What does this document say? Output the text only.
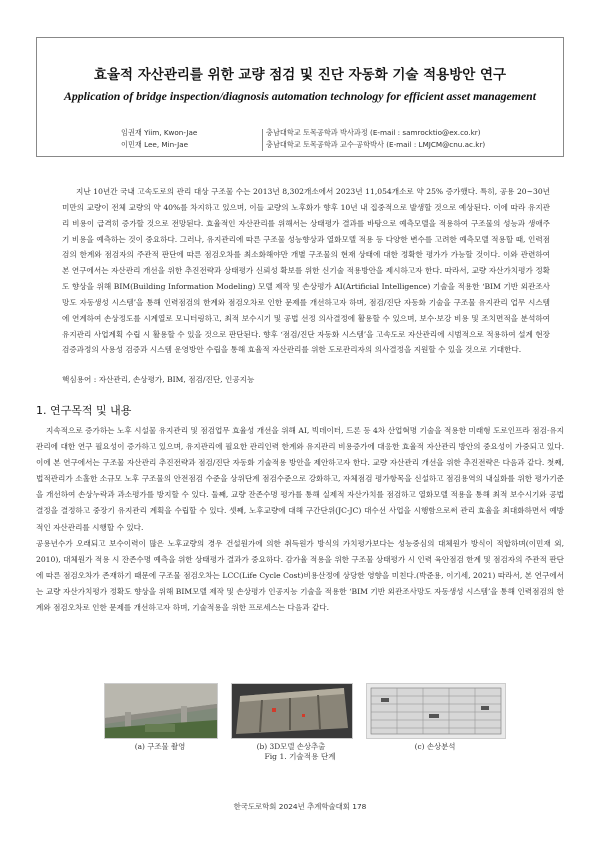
효율적 자산관리를 위한 교량 점검 및 진단 자동화 기술 적용방안 연구
Application of bridge inspection/diagnosis automation technology for efficient asset management
임권재 Yiim, Kwon-Jae	충남대학교 토목공학과 박사과정 (E-mail : samrocktio@ex.co.kr)
이민재 Lee, Min-Jae	충남대학교 토목공학과 교수·공학박사 (E-mail : LMJCM@cnu.ac.kr)

지난 10년간 국내 고속도로의 관리 대상 구조물 수는 2013년 8,302개소에서 2023년 11,054개소로 약 25% 증가했다. 특히, 공용 20~30년 미만의 교량이 전체 교량의 약 40%를 차지하고 있으며, 이들 교량의 노후화가 향후 10년 내 집중적으로 발생할 것으로 예상된다. 이에 따라 유지관리 비용이 급격히 증가할 것으로 전망된다. 효율적인 자산관리를 위해서는 상태평가 결과를 바탕으로 예측모델을 적용하여 구조물의 성능과 생애주기 비용을 예측하는 것이 중요하다. 그러나, 유지관리에 따른 구조물 성능향상과 열화모델 적용 등 다양한 변수를 고려한 예측모델 적용할 때, 인력점검의 한계와 점검자의 주관적 판단에 따른 점검오차를 최소화해야만 개별 구조물의 현재 상태에 대한 정확한 평가가 가능할 것이다. 이와 관련하여 본 연구에서는 자산관리 개선을 위한 추진전략과 상태평가 신뢰성 확보를 위한 신기술 적용방안을 제시하고자 한다. 따라서, 교량 자산가치평가 정확도 향상을 위해 BIM(Building Information Modeling) 모델 제작 및 손상평가 AI(Artificial Intelligence) 기술을 적용한 ‘BIM 기반 외관조사망도 자동생성 시스템’을 통해 인력점검의 한계와 점검오차로 인한 문제를 개선하고자 하며, 점검/진단 자동화 기술을 구조물 유지관리 업무 시스템에 연계하여 손상정도를 시계열로 모니터링하고, 최적 보수시기 및 공법 선정 의사결정에 활용할 수 있으며, 보수·보강 비용 및 조치면적을 분석하여 유지관리 사업계획 수립 시 활용할 수 있을 것으로 판단된다. 향후 ‘점검/진단 자동화 시스템’을 고속도로 자산관리에 시범적으로 적용하여 설계 현장 검증과정의 사용성 검증과 시스템 운영방안 수립을 통해 효율적 자산관리를 위한 도로관리자의 의사결정을 지원할 수 있을 것으로 기대한다.

핵심용어 : 자산관리, 손상평가, BIM, 점검/진단, 인공지능
1. 연구목적 및 내용

지속적으로 증가하는 노후 시설물 유지관리 및 점검업무 효율성 개선을 위해 AI, 빅데이터, 드론 등 4차 산업혁명 기술을 적용한 미래형 도로인프라 점검·유지관리에 대한 연구 필요성이 증가하고 있으며, 유지관리에 필요한 관리인력 한계와 유지관리 비용증가에 대응한 효율적 자산관리 방안의 중요성이 가중되고 있다. 이에 본 연구에서는 구조물 자산관리 추진전략과 점검/진단 자동화 기술적용 방안을 제안하고자 한다. 교량 자산관리 개선을 위한 추진전략은 다음과 같다. 첫째, 법적관리가 소홀한 소규모 노후 구조물의 안전점검 수준을 상위단계 점검수준으로 강화하고, 자체점검 평가항목을 신설하고 점검용역의 내실화를 위한 평가기준을 개선하여 손상누락과 과소평가를 방지할 수 있다. 둘째, 교량 잔존수명 평가를 통해 실제적 자산가치를 점검하고 열화모델 적용을 통해 최적 보수시기와 공법결정을 결정하고 중장기 유지관리 계획을 수립할 수 있다. 셋째, 노후교량에 대해 구간단위(JC-JC) 대수선 사업을 시행함으로써 관리 효율을 최대화하면서 예방적인 자산관리를 시행할 수 있다.

공용년수가 오래되고 보수이력이 많은 노후교량의 경우 건설원가에 의한 취득원가 방식의 가치평가보다는 성능중심의 대체원가 방식이 적합하며(이민재 외, 2010), 대체원가 적용 시 잔존수명 예측을 위한 상태평가 결과가 중요하다. 감가율 적용을 위한 구조물 상태평가 시 인력 육안점검 한계 및 점검자의 주관적 판단에 따른 점검오차가 존재하기 때문에 구조물 점검오차는 LCC(Life Cycle Cost)비용산정에 상당한 영향을 미친다.(박준용, 이기세, 2021) 따라서, 본 연구에서는 교량 자산가치평가 정확도 향상을 위해 BIM모델 제작 및 손상평가 인공지능 기술을 적용한 ‘BIM 기반 외관조사망도 자동생성 시스템’을 통해 인력점검의 한계와 점검오차로 인한 문제를 개선하고자 하며, 기술적용을 위한 프로세스는 다음과 같다.

(a) 구조물 촬영	(b) 3D모델 손상추출	(c) 손상분석
Fig 1. 기술적용 단계
한국도로학회 2024년 추계학술대회 178
